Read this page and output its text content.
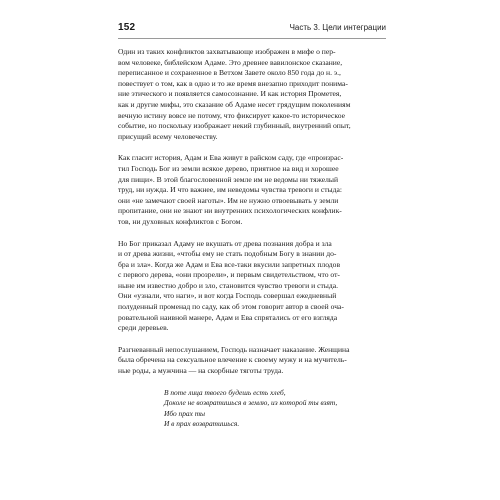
152	Часть 3. Цели интеграции

Один из таких конфликтов захватывающе изображен в мифе о пер-
вом человеке, библейском Адаме. Это древнее вавилонское сказание,
переписанное и сохраненное в Ветхом Завете около 850 года до н. э.,
повествует о том, как в одно и то же время внезапно приходит понима-
ние этического и появляется самосознание. И как история Прометея,
как и другие мифы, это сказание об Адаме несет грядущим поколениям
вечную истину вовсе не потому, что фиксирует какое-то историческое
событие, но поскольку изображает некий глубинный, внутренний опыт,
присущий всему человечеству.

Как гласит история, Адам и Ева живут в райском саду, где «произрас-
тил Господь Бог из земли всякое дерево, приятное на вид и хорошее
для пищи». В этой благословенной земле им не ведомы ни тяжелый
труд, ни нужда. И что важнее, им неведомы чувства тревоги и стыда:
они «не замечают своей наготы». Им не нужно отвоевывать у земли
пропитание, они не знают ни внутренних психологических конфлик-
тов, ни духовных конфликтов с Богом.

Но Бог приказал Адаму не вкушать от древа познания добра и зла
и от древа жизни, «чтобы ему не стать подобным Богу в знании до-
бра и зла». Когда же Адам и Ева все-таки вкусили запретных плодов
с первого дерева, «они прозрели», и первым свидетельством, что от-
ныне им известно добро и зло, становится чувство тревоги и стыда.
Они «узнали, что наги», и вот когда Господь совершал ежедневный
полуденный променад по саду, как об этом говорит автор в своей оча-
ровательной наивной манере, Адам и Ева спрятались от его взгляда
среди деревьев.

Разгневанный непослушанием, Господь назначает наказание. Женщина
была обречена на сексуальное влечение к своему мужу и на мучитель-
ные роды, а мужчина — на скорбные тяготы труда.

В поте лица твоего будешь есть хлеб,
Доколе не возвратишься в землю, из которой ты взят,
Ибо прах ты
И в прах возвратишься.
